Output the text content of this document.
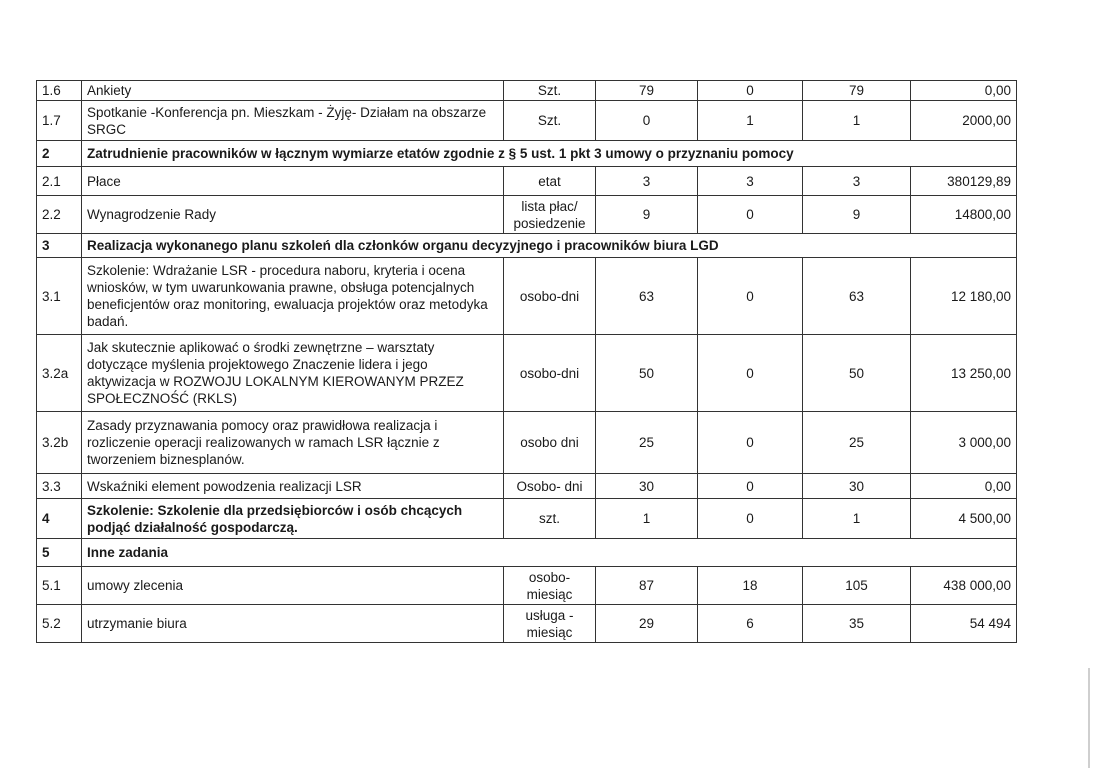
1.6	Ankiety	Szt.	79	0	79	0,00
1.7	Spotkanie -Konferencja pn. Mieszkam - Żyję- Działam na obszarze SRGC	Szt.	0	1	1	2000,00
2	Zatrudnienie pracowników w łącznym wymiarze etatów zgodnie z § 5 ust. 1 pkt 3 umowy o przyznaniu pomocy					
2.1	Płace	etat	3	3	3	380129,89
2.2	Wynagrodzenie Rady	lista płac/ posiedzenie	9	0	9	14800,00
3	Realizacja wykonanego planu szkoleń dla członków organu decyzyjnego i pracowników biura LGD					
3.1	Szkolenie: Wdrażanie LSR - procedura naboru, kryteria i ocena wniosków, w tym uwarunkowania prawne, obsługa potencjalnych beneficjentów oraz monitoring, ewaluacja projektów oraz metodyka badań.	osobo-dni	63	0	63	12 180,00
3.2a	Jak skutecznie aplikować o środki zewnętrzne – warsztaty dotyczące myślenia projektowego Znaczenie lidera i jego aktywizacja w ROZWOJU LOKALNYM KIEROWANYM PRZEZ SPOŁECZNOŚĆ (RKLS)	osobo-dni	50	0	50	13 250,00
3.2b	Zasady przyznawania pomocy oraz prawidłowa realizacja i rozliczenie operacji realizowanych w ramach LSR łącznie z tworzeniem biznesplanów.	osobo dni	25	0	25	3 000,00
3.3	Wskaźniki element powodzenia realizacji LSR	Osobo- dni	30	0	30	0,00
4	Szkolenie: Szkolenie dla przedsiębiorców i osób chcących podjąć działalność gospodarczą.	szt.	1	0	1	4 500,00
5	Inne zadania					
5.1	umowy zlecenia	osobo-miesiąc	87	18	105	438 000,00
5.2	utrzymanie biura	usługa - miesiąc	29	6	35	54 494
